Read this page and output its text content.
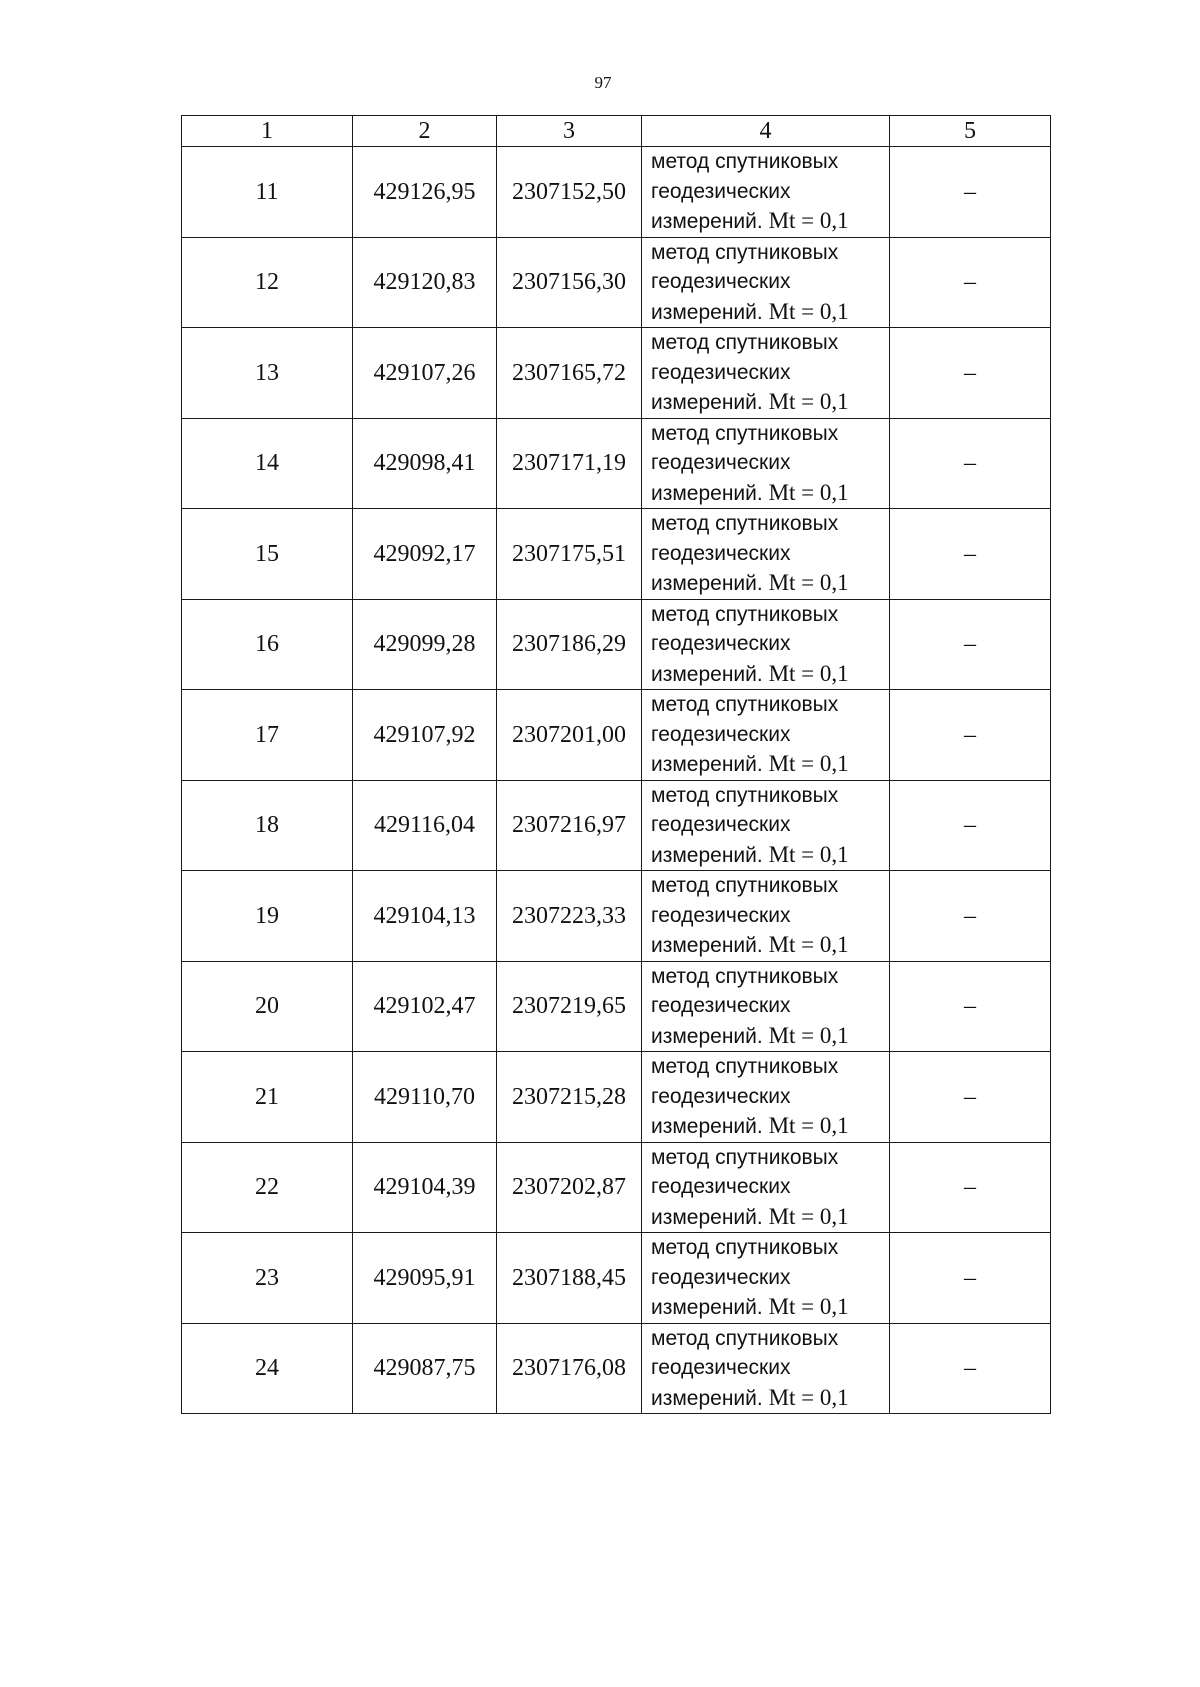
97
1	2	3	4	5
11	429126,95	2307152,50	метод спутниковых
геодезических
измерений. Mt = 0,1	–
12	429120,83	2307156,30	метод спутниковых
геодезических
измерений. Mt = 0,1	–
13	429107,26	2307165,72	метод спутниковых
геодезических
измерений. Mt = 0,1	–
14	429098,41	2307171,19	метод спутниковых
геодезических
измерений. Mt = 0,1	–
15	429092,17	2307175,51	метод спутниковых
геодезических
измерений. Mt = 0,1	–
16	429099,28	2307186,29	метод спутниковых
геодезических
измерений. Mt = 0,1	–
17	429107,92	2307201,00	метод спутниковых
геодезических
измерений. Mt = 0,1	–
18	429116,04	2307216,97	метод спутниковых
геодезических
измерений. Mt = 0,1	–
19	429104,13	2307223,33	метод спутниковых
геодезических
измерений. Mt = 0,1	–
20	429102,47	2307219,65	метод спутниковых
геодезических
измерений. Mt = 0,1	–
21	429110,70	2307215,28	метод спутниковых
геодезических
измерений. Mt = 0,1	–
22	429104,39	2307202,87	метод спутниковых
геодезических
измерений. Mt = 0,1	–
23	429095,91	2307188,45	метод спутниковых
геодезических
измерений. Mt = 0,1	–
24	429087,75	2307176,08	метод спутниковых
геодезических
измерений. Mt = 0,1	–
